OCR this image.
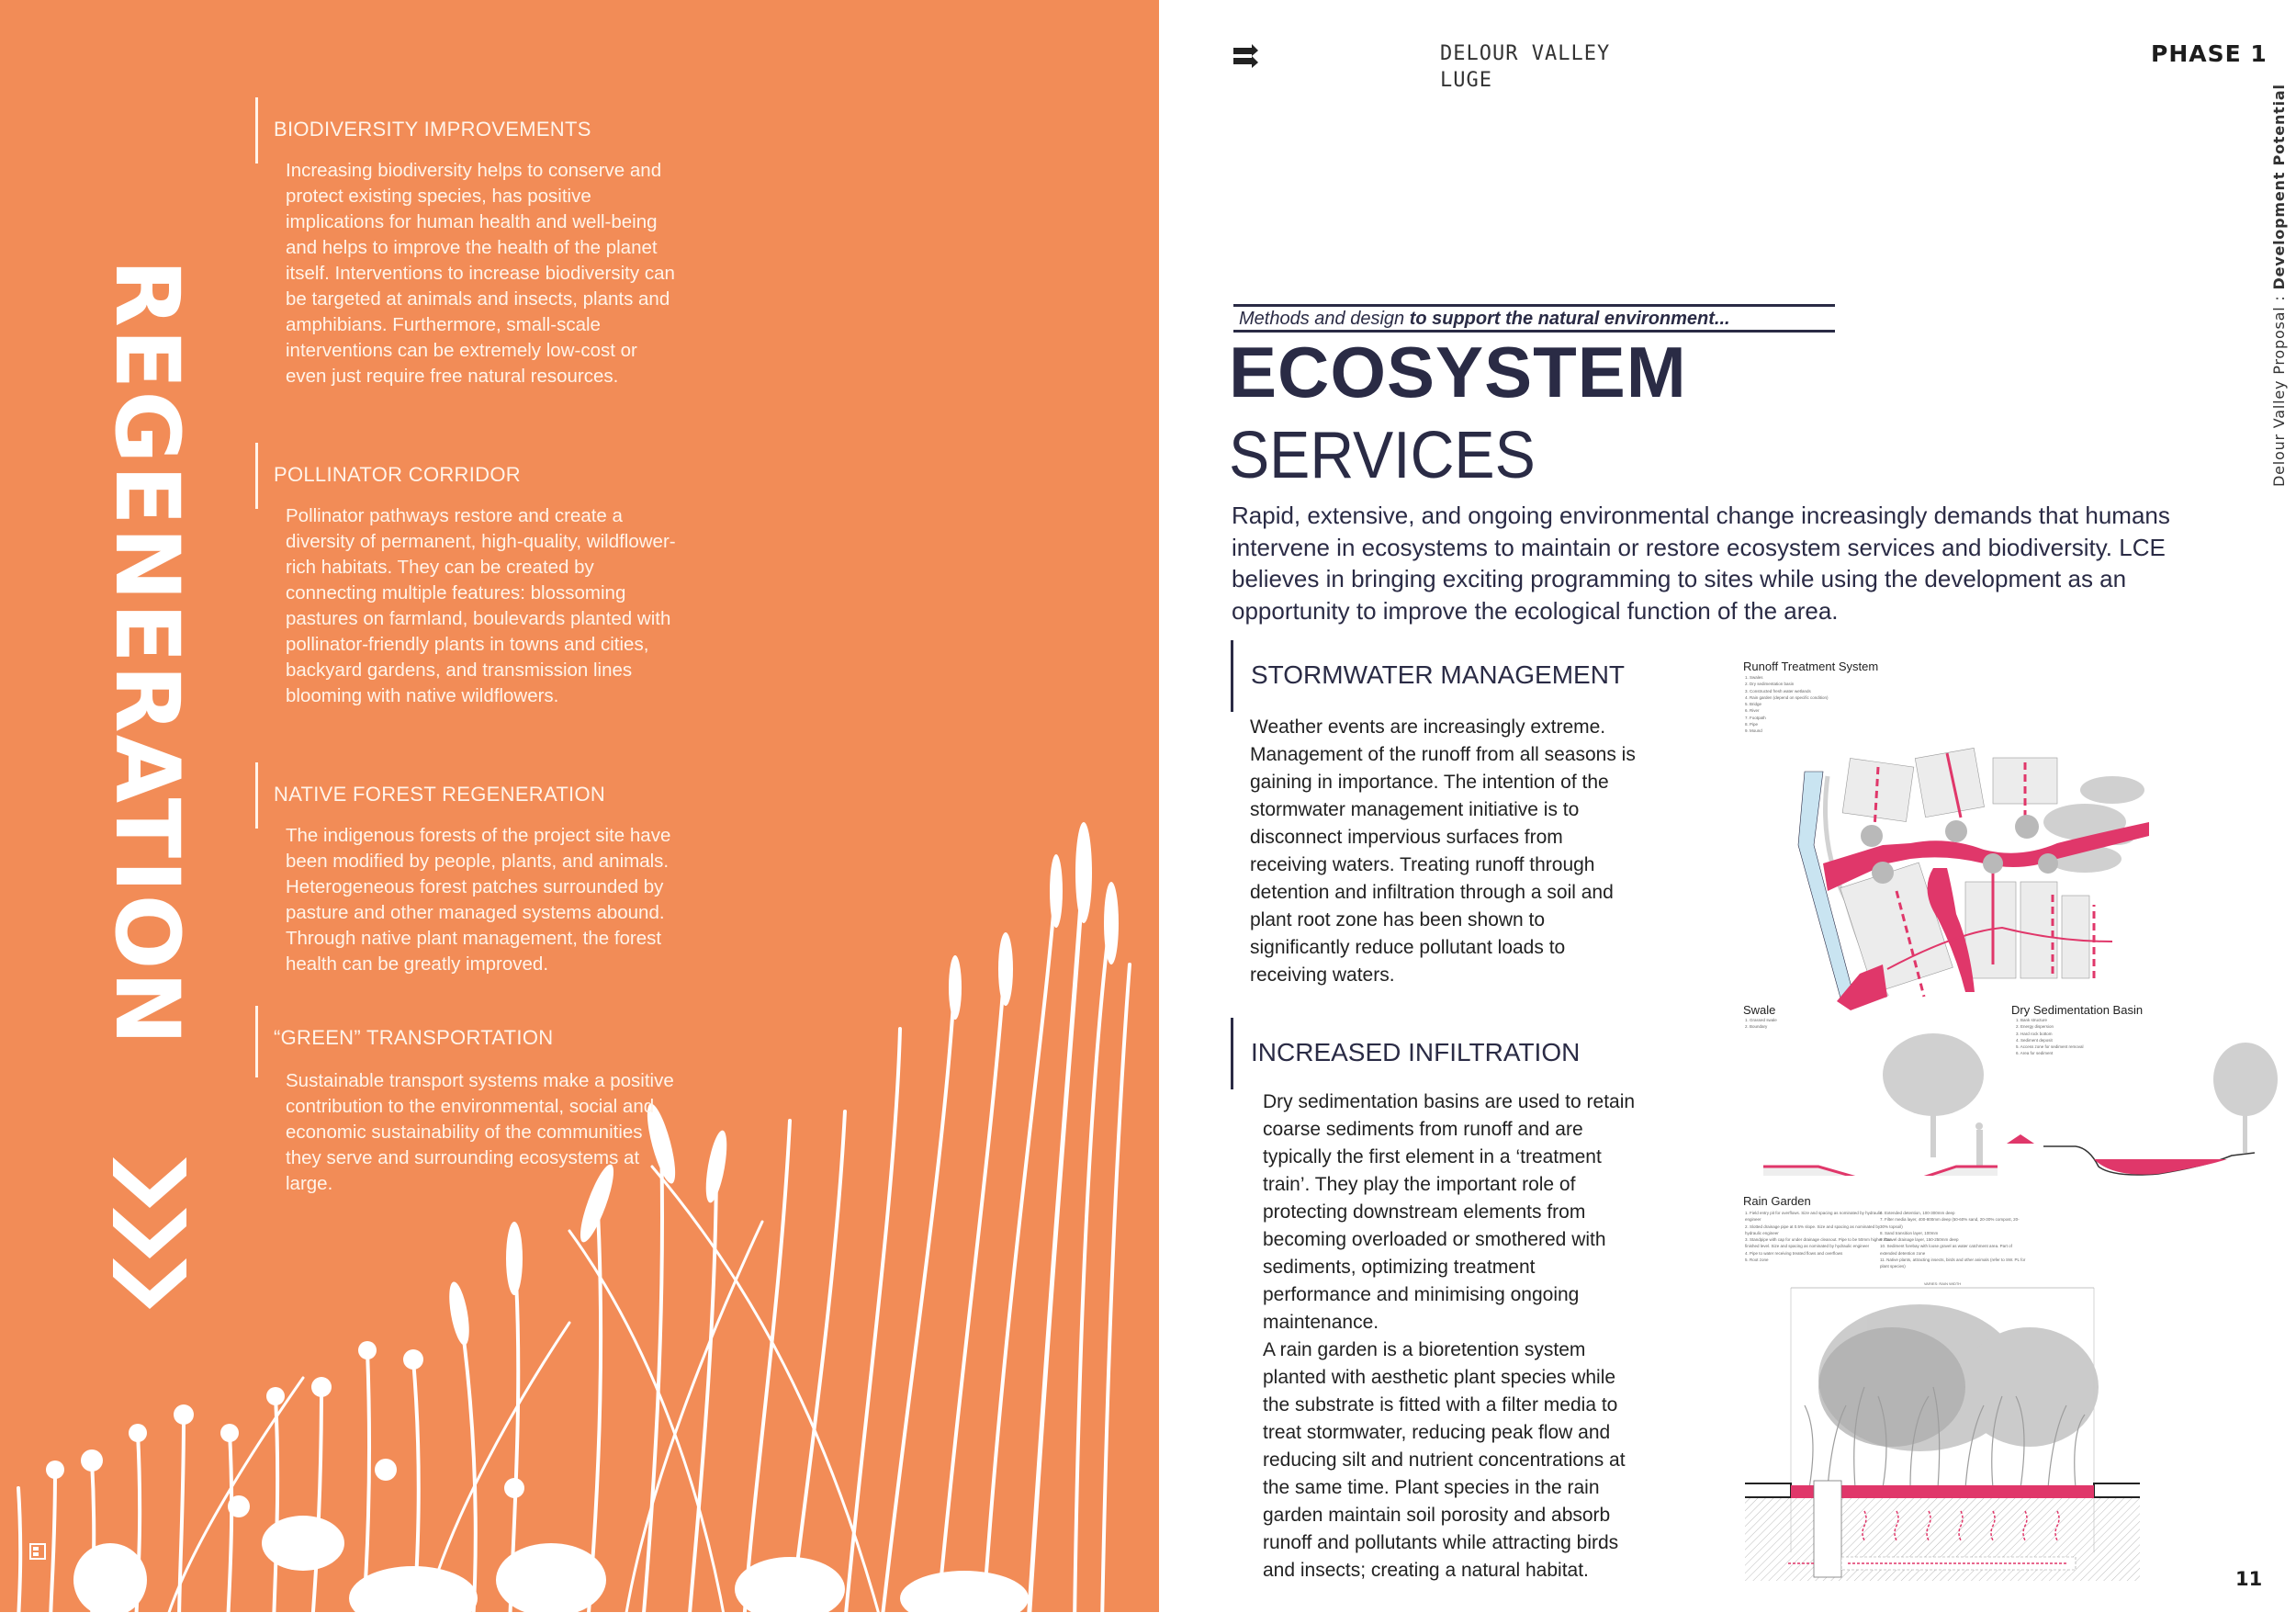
REGENERATION
BIODIVERSITY IMPROVEMENTS
Increasing biodiversity helps to conserve and protect existing species, has positive implications for human health and well-being and helps to improve the health of the planet itself. Interventions to increase biodiversity can be targeted at animals and insects, plants and amphibians. Furthermore, small-scale interventions can be extremely low-cost or even just require free natural resources.
POLLINATOR CORRIDOR
Pollinator pathways restore and create a diversity of permanent, high-quality, wildflower-rich habitats. They can be created by connecting multiple features: blossoming pastures on farmland, boulevards planted with pollinator-friendly plants in towns and cities, backyard gardens, and transmission lines blooming with native wildflowers.
NATIVE FOREST REGENERATION
The indigenous forests of the project site have been modified by people, plants, and animals. Heterogeneous forest patches surrounded by pasture and other managed systems abound. Through native plant management, the forest health can be greatly improved.
“GREEN” TRANSPORTATION
Sustainable transport systems make a positive contribution to the environmental, social and economic sustainability of the communities they serve and surrounding ecosystems at large.
DELOUR VALLEY
LUGE
PHASE 1
Delour Valley Proposal : Development Potential
Methods and design to support the natural environment...
ECOSYSTEM
SERVICES
Rapid, extensive, and ongoing environmental change increasingly demands that humans intervene in ecosystems to maintain or restore ecosystem services and biodiversity. LCE believes in bringing exciting programming to sites while using the development as an opportunity to improve the ecological function of the area.
STORMWATER MANAGEMENT
Weather events are increasingly extreme. Management of the runoff from all seasons is gaining in importance. The intention of the stormwater management initiative is to disconnect impervious surfaces from receiving waters. Treating runoff through detention and infiltration through a soil and plant root zone has been shown to significantly reduce pollutant loads to receiving waters.
INCREASED INFILTRATION
Dry sedimentation basins are used to retain coarse sediments from runoff and are typically the first element in a ‘treatment train’. They play the important role of protecting downstream elements from becoming overloaded or smothered with sediments, optimizing treatment performance and minimising ongoing maintenance.
A rain garden is a bioretention system planted with aesthetic plant species while the substrate is fitted with a filter media to treat stormwater, reducing peak flow and reducing silt and nutrient concentrations at the same time. Plant species in the rain garden maintain soil porosity and absorb runoff and pollutants while attracting birds and insects; creating a natural habitat.
Runoff Treatment System
1. Swales
2. Dry sedimentation basin
3. Constructed fresh water wetlands
4. Rain garden (depend on specific condition)
5. Bridge
6. River
7. Footpath
8. Pipe
9. Mound
Swale
1. Grassed swale
2. Boundary
Dry Sedimentation Basin
1. Bank structure
2. Energy dispersion
3. Hard rock bottom
4. Sediment deposit
5. Access zone for sediment removal
6. Area for sediment
Rain Garden
1. Field entry pit for overflows. Size and spacing as nominated by hydraulic engineer
2. Slotted drainage pipe at 0.5% slope. Size and spacing as nominated by hydraulic engineer
3. Standpipe with cap for under drainage cleanout. Pipe to be 50mm higher than finished level. Size and spacing as nominated by hydraulic engineer
4. Pipe to water receiving treated flows and overflows
5. Root zone
6. Extended detention, 100-300mm deep
7. Filter media layer, 400-800mm deep (50-60% sand, 20-30% compost, 20-30% topsoil)
8. Sand transition layer, 100mm
9. Gravel drainage layer, 150-250mm deep
10. Sediment forebay with loose gravel as water catchment area. Part of extended detention zone
11. Native plants, attracting insects, birds and other animals (refer to SW. PL for plant species)
VARIES: RAIN WIDTH
11
